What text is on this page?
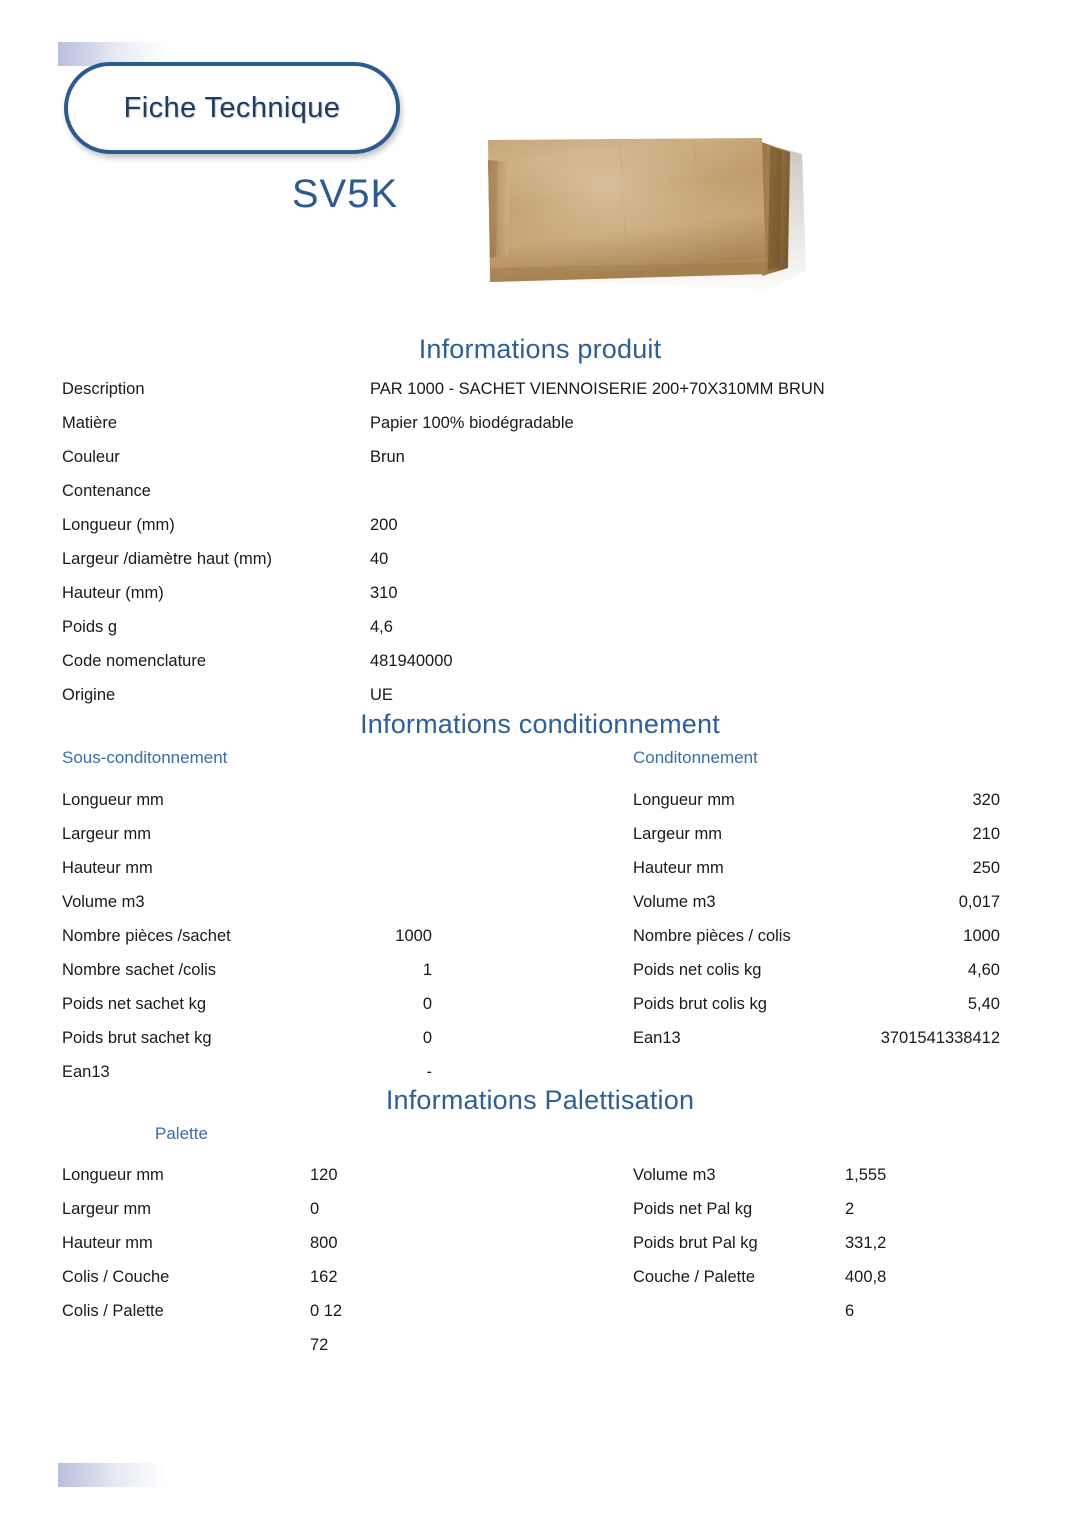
Fiche Technique
SV5K
Informations produit
Description	PAR 1000 - SACHET VIENNOISERIE 200+70X310MM BRUN
Matière	Papier 100% biodégradable
Couleur	Brun
Contenance
Longueur (mm)	200
Largeur /diamètre haut (mm)	40
Hauteur (mm)	310
Poids g	4,6
Code nomenclature	481940000
Origine	UE
Informations conditionnement
Sous-conditonnement	Conditonnement
Longueur mm
Largeur mm
Hauteur mm
Volume m3
Nombre pièces /sachet	1000
Nombre sachet /colis	1
Poids net sachet kg	0
Poids brut sachet kg	0
Ean13	-
Longueur mm	320
Largeur mm	210
Hauteur mm	250
Volume m3	0,017
Nombre pièces / colis	1000
Poids net colis kg	4,60
Poids brut colis kg	5,40
Ean13	3701541338412
Informations Palettisation
Palette
Longueur mm	120
Largeur mm	0
Hauteur mm	800
Colis / Couche	162
Colis / Palette	0 12
72
Volume m3	1,555
Poids net Pal kg	2
Poids brut Pal kg	331,2
Couche / Palette	400,8
6
